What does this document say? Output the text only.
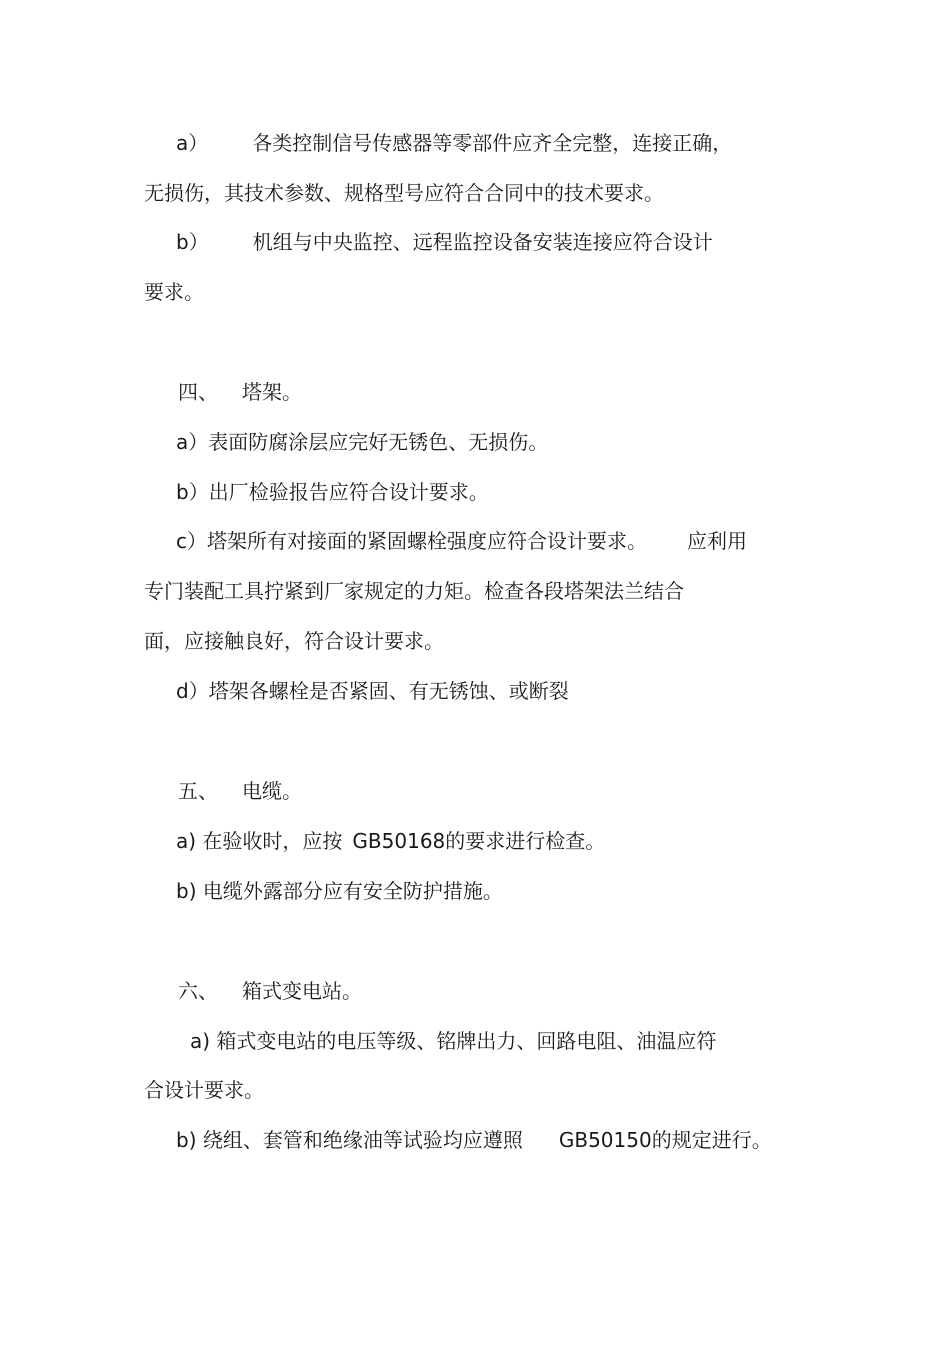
a） 各类控制信号传感器等零部件应齐全完整，连接正确，
无损伤，其技术参数、规格型号应符合合同中的技术要求。
b） 机组与中央监控、远程监控设备安装连接应符合设计
要求。
四、 塔架。
a）表面防腐涂层应完好无锈色、无损伤。
b）出厂检验报告应符合设计要求。
c）塔架所有对接面的紧固螺栓强度应符合设计要求。 应利用
专门装配工具拧紧到厂家规定的力矩。检查各段塔架法兰结合
面，应接触良好，符合设计要求。
d）塔架各螺栓是否紧固、有无锈蚀、或断裂
五、 电缆。
a) 在验收时，应按 GB50168的要求进行检查。
b) 电缆外露部分应有安全防护措施。
六、 箱式变电站。
a) 箱式变电站的电压等级、铭牌出力、回路电阻、油温应符
合设计要求。
b) 绕组、套管和绝缘油等试验均应遵照 GB50150的规定进行。
